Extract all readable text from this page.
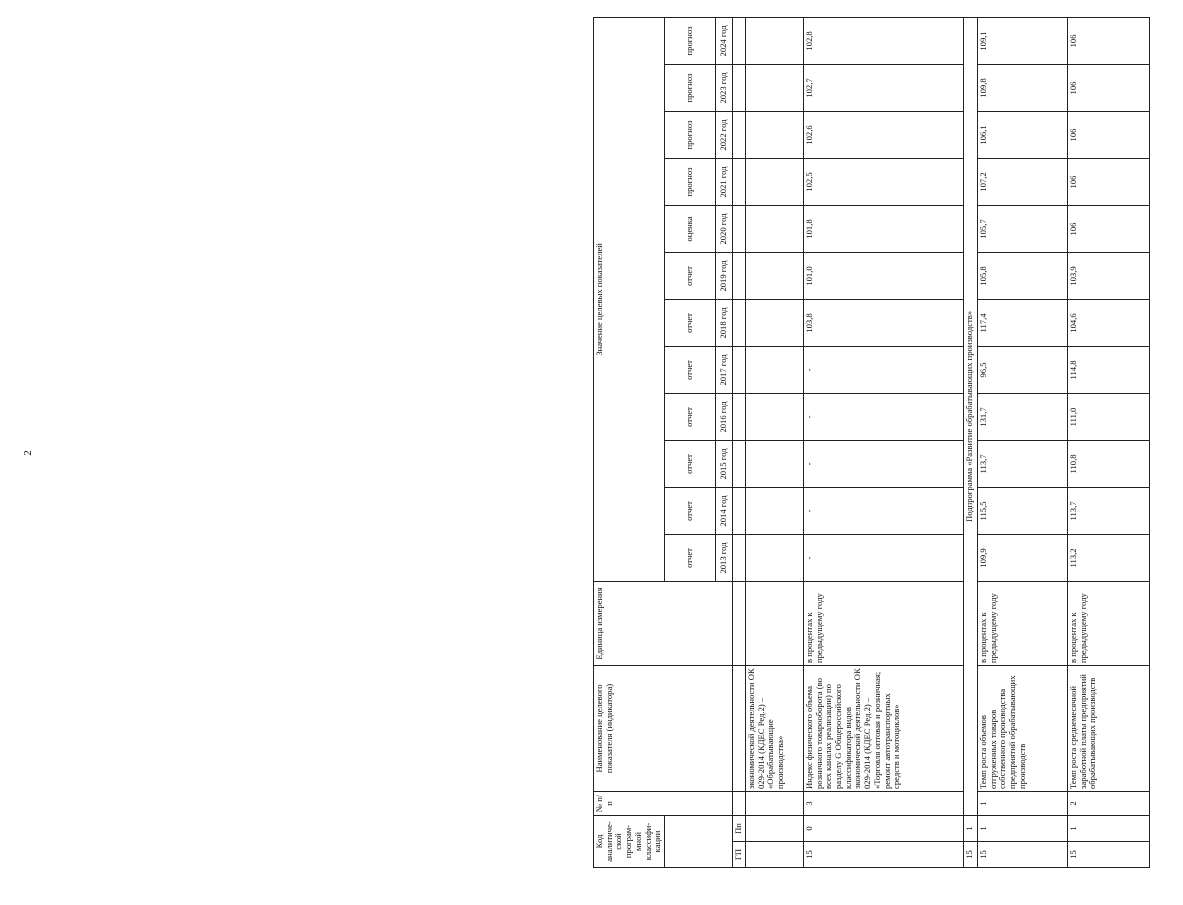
2
Код аналитиче-ской програм-мной классифи-кации		№ п/п	Наименование целевого показателя (индикатора)	Единица измерения	Значение целевых показателей											
					отчет	отчет	отчет	отчет	отчет	отчет	отчет	оценка	прогноз	прогноз	прогноз	прогноз
					2013 год	2014 год	2015 год	2016 год	2017 год	2018 год	2019 год	2020 год	2021 год	2022 год	2023 год	2024 год
ГП	Пп															
			экономической деятельности ОК 029-2014 (КДЕС Ред.2) – «Обрабатывающие производства»													
15	0	3	Индекс физического объема розничного товарооборота (во всех каналах реализации) по разделу G Общероссийского классификатора видов экономической деятельности ОК 029-2014 (КДЕС Ред.2) – «Торговля оптовая и розничная; ремонт автотранспортных средств и мотоциклов»	в процентах к предыдущему году	-	-	-	-	-	103,8	101,0	101,8	102,5	102,6	102,7	102,8
15	1	Подпрограмма «Развитие обрабатывающих производств»														
15	1	1	Темп роста объемов отгруженных товаров собственного производства предприятий обрабатывающих производств	в процентах к предыдущему году	109,9	115,5	113,7	131,7	96,5	117,4	105,8	105,7	107,2	106,1	109,8	109,1
15	1	2	Темп роста среднемесячной заработной платы предприятий обрабатывающих производств	в процентах к предыдущему году	113,2	113,7	110,8	111,0	114,8	104,6	103,9	106	106	106	106	106
